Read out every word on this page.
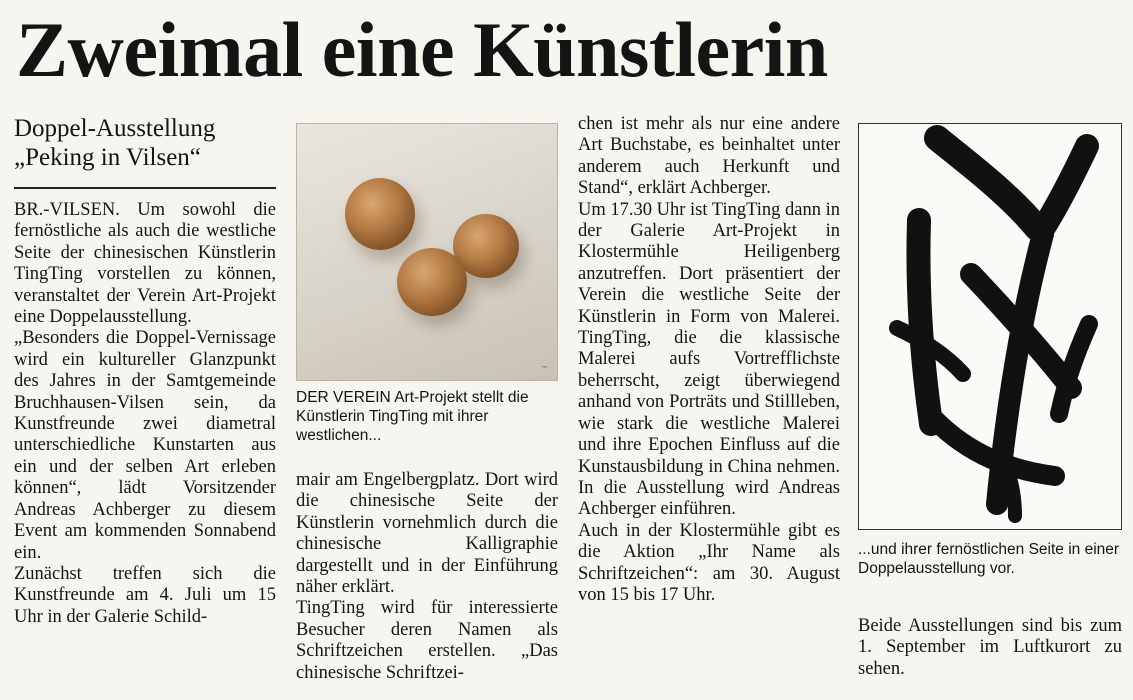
Zweimal eine Künstlerin
Doppel-Ausstellung
„Peking in Vilsen“
BR.-VILSEN. Um sowohl die fernöstliche als auch die westliche Seite der chinesischen Künstlerin TingTing vorstellen zu können, veranstaltet der Verein Art-Projekt eine Doppelausstellung.
„Besonders die Doppel-Vernissage wird ein kultureller Glanzpunkt des Jahres in der Samtgemeinde Bruchhausen-Vilsen sein, da Kunstfreunde zwei diametral unterschiedliche Kunstarten aus ein und der selben Art erleben können“, lädt Vorsitzender Andreas Achberger zu diesem Event am kommenden Sonnabend ein.
Zunächst treffen sich die Kunstfreunde am 4. Juli um 15 Uhr in der Galerie Schild-
~
DER VEREIN Art-Projekt stellt die Künstlerin TingTing mit ihrer westlichen...
mair am Engelbergplatz. Dort wird die chinesische Seite der Künstlerin vornehmlich durch die chinesische Kalligraphie dargestellt und in der Einführung näher erklärt.
TingTing wird für interessierte Besucher deren Namen als Schriftzeichen erstellen. „Das chinesische Schriftzei-
chen ist mehr als nur eine andere Art Buchstabe, es beinhaltet unter anderem auch Herkunft und Stand“, erklärt Achberger.
Um 17.30 Uhr ist TingTing dann in der Galerie Art-Projekt in Klostermühle Heiligenberg anzutreffen. Dort präsentiert der Verein die westliche Seite der Künstlerin in Form von Malerei. TingTing, die die klassische Malerei aufs Vortrefflichste beherrscht, zeigt überwiegend anhand von Porträts und Stillleben, wie stark die westliche Malerei und ihre Epochen Einfluss auf die Kunstausbildung in China nehmen. In die Ausstellung wird Andreas Achberger einführen.
Auch in der Klostermühle gibt es die Aktion „Ihr Name als Schriftzeichen“: am 30. August von 15 bis 17 Uhr.
...und ihrer fernöstlichen Seite in einer Doppelausstellung vor.
Beide Ausstellungen sind bis zum 1. September im Luftkurort zu sehen.
